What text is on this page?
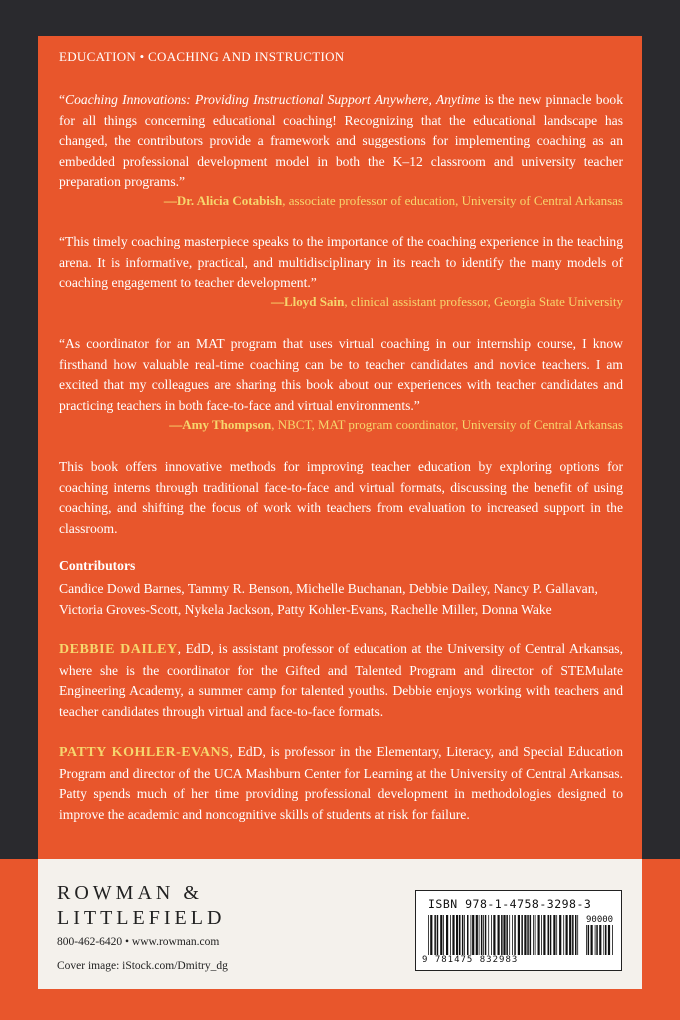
EDUCATION • COACHING AND INSTRUCTION
“Coaching Innovations: Providing Instructional Support Anywhere, Anytime is the new pinnacle book for all things concerning educational coaching! Recognizing that the educational landscape has changed, the contributors provide a framework and suggestions for implementing coaching as an embedded professional development model in both the K–12 classroom and university teacher preparation programs.”
—Dr. Alicia Cotabish, associate professor of education, University of Central Arkansas
“This timely coaching masterpiece speaks to the importance of the coaching experience in the teaching arena. It is informative, practical, and multidisciplinary in its reach to identify the many models of coaching engagement to teacher development.”
—Lloyd Sain, clinical assistant professor, Georgia State University
“As coordinator for an MAT program that uses virtual coaching in our internship course, I know firsthand how valuable real-time coaching can be to teacher candidates and novice teachers. I am excited that my colleagues are sharing this book about our experiences with teacher candidates and practicing teachers in both face-to-face and virtual environments.”
—Amy Thompson, NBCT, MAT program coordinator, University of Central Arkansas
This book offers innovative methods for improving teacher education by exploring options for coaching interns through traditional face-to-face and virtual formats, discussing the benefit of using coaching, and shifting the focus of work with teachers from evaluation to increased support in the classroom.
Contributors
Candice Dowd Barnes, Tammy R. Benson, Michelle Buchanan, Debbie Dailey, Nancy P. Gallavan, Victoria Groves-Scott, Nykela Jackson, Patty Kohler-Evans, Rachelle Miller, Donna Wake
DEBBIE DAILEY, EdD, is assistant professor of education at the University of Central Arkansas, where she is the coordinator for the Gifted and Talented Program and director of STEMulate Engineering Academy, a summer camp for talented youths. Debbie enjoys working with teachers and teacher candidates through virtual and face-to-face formats.
PATTY KOHLER-EVANS, EdD, is professor in the Elementary, Literacy, and Special Education Program and director of the UCA Mashburn Center for Learning at the University of Central Arkansas. Patty spends much of her time providing professional development in methodologies designed to improve the academic and noncognitive skills of students at risk for failure.
ROWMAN &
LITTLEFIELD
800-462-6420 • www.rowman.com
Cover image: iStock.com/Dmitry_dg
ISBN 978-1-4758-3298-3
90000
9 781475 832983
